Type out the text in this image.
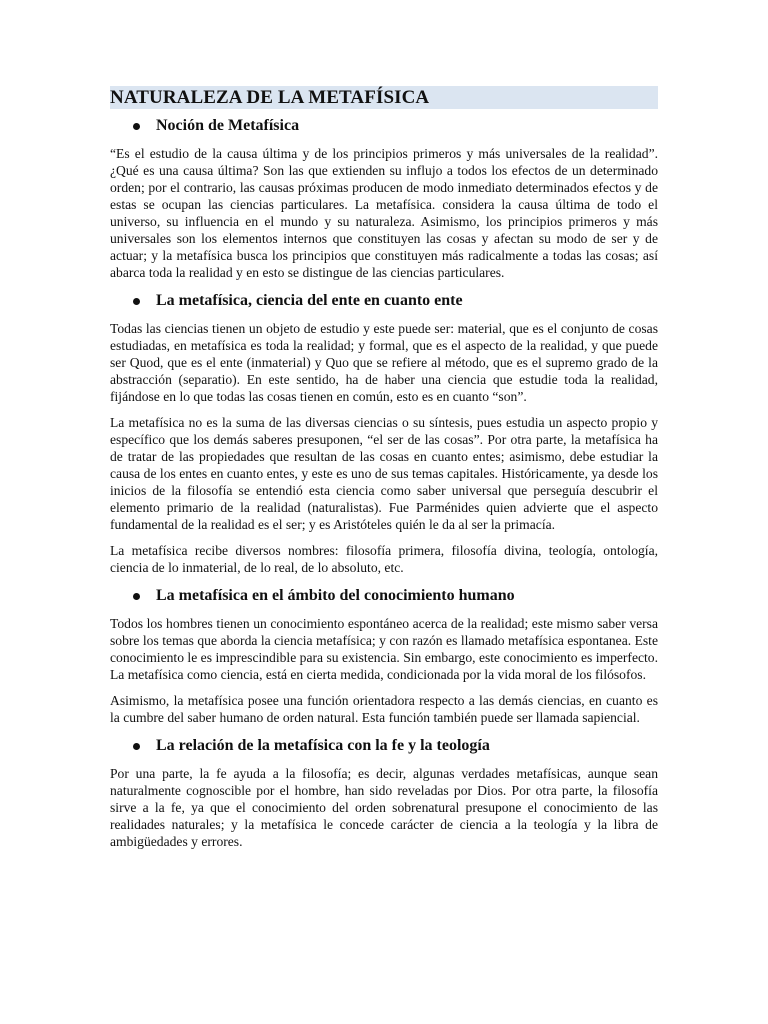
NATURALEZA DE LA METAFÍSICA
Noción de Metafísica

“Es el estudio de la causa última y de los principios primeros y más universales de la realidad”. ¿Qué es una causa última? Son las que extienden su influjo a todos los efectos de un determinado orden; por el contrario, las causas próximas producen de modo inmediato determinados efectos y de estas se ocupan las ciencias particulares. La metafísica. considera la causa última de todo el universo, su influencia en el mundo y su naturaleza. Asimismo, los principios primeros y más universales son los elementos internos que constituyen las cosas y afectan su modo de ser y de actuar; y la metafísica busca los principios que constituyen más radicalmente a todas las cosas; así abarca toda la realidad y en esto se distingue de las ciencias particulares.

La metafísica, ciencia del ente en cuanto ente

Todas las ciencias tienen un objeto de estudio y este puede ser: material, que es el conjunto de cosas estudiadas, en metafísica es toda la realidad; y formal, que es el aspecto de la realidad, y que puede ser Quod, que es el ente (inmaterial) y Quo que se refiere al método, que es el supremo grado de la abstracción (separatio). En este sentido, ha de haber una ciencia que estudie toda la realidad, fijándose en lo que todas las cosas tienen en común, esto es en cuanto “son”.

La metafísica no es la suma de las diversas ciencias o su síntesis, pues estudia un aspecto propio y específico que los demás saberes presuponen, “el ser de las cosas”. Por otra parte, la metafísica ha de tratar de las propiedades que resultan de las cosas en cuanto entes; asimismo, debe estudiar la causa de los entes en cuanto entes, y este es uno de sus temas capitales. Históricamente, ya desde los inicios de la filosofía se entendió esta ciencia como saber universal que perseguía descubrir el elemento primario de la realidad (naturalistas). Fue Parménides quien advierte que el aspecto fundamental de la realidad es el ser; y es Aristóteles quién le da al ser la primacía.

La metafísica recibe diversos nombres: filosofía primera, filosofía divina, teología, ontología, ciencia de lo inmaterial, de lo real, de lo absoluto, etc.

La metafísica en el ámbito del conocimiento humano

Todos los hombres tienen un conocimiento espontáneo acerca de la realidad; este mismo saber versa sobre los temas que aborda la ciencia metafísica; y con razón es llamado metafísica espontanea. Este conocimiento le es imprescindible para su existencia. Sin embargo, este conocimiento es imperfecto. La metafísica como ciencia, está en cierta medida, condicionada por la vida moral de los filósofos.

Asimismo, la metafísica posee una función orientadora respecto a las demás ciencias, en cuanto es la cumbre del saber humano de orden natural. Esta función también puede ser llamada sapiencial.

La relación de la metafísica con la fe y la teología

Por una parte, la fe ayuda a la filosofía; es decir, algunas verdades metafísicas, aunque sean naturalmente cognoscible por el hombre, han sido reveladas por Dios. Por otra parte, la filosofía sirve a la fe, ya que el conocimiento del orden sobrenatural presupone el conocimiento de las realidades naturales; y la metafísica le concede carácter de ciencia a la teología y la libra de ambigüedades y errores.
